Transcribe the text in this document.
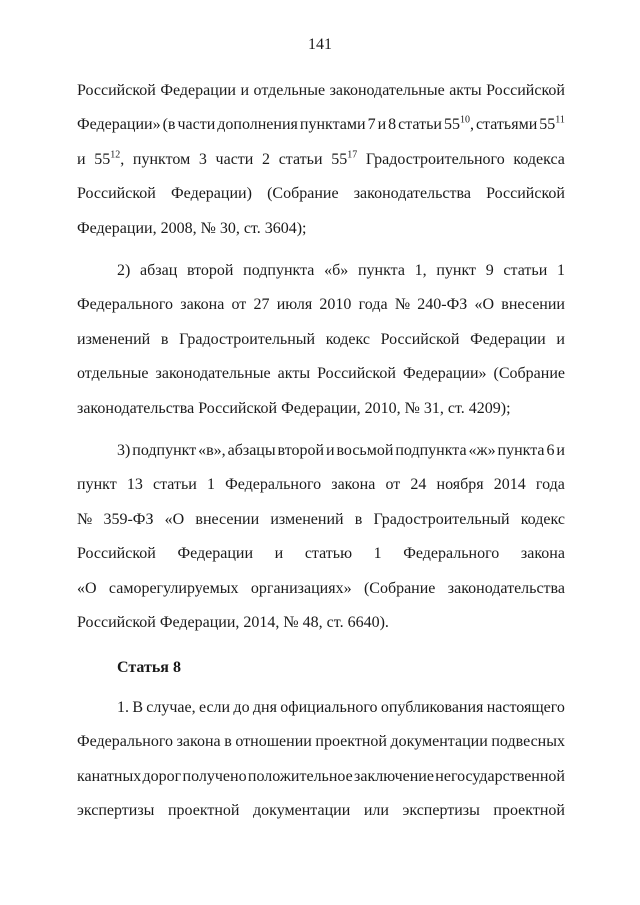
141
Российской Федерации и отдельные законодательные акты Российской
Федерации» (в части дополнения пунктами 7 и 8 статьи $55^{10}$, статьями $55^{11}$
и $55^{12}$, пунктом 3 части 2 статьи $55^{17}$ Градостроительного кодекса
Российской Федерации) (Собрание законодательства Российской
Федерации, 2008, № 30, ст. 3604);
2) абзац второй подпункта «б» пункта 1, пункт 9 статьи 1
Федерального закона от 27 июля 2010 года № 240-ФЗ «О внесении
изменений в Градостроительный кодекс Российской Федерации и
отдельные законодательные акты Российской Федерации» (Собрание
законодательства Российской Федерации, 2010, № 31, ст. 4209);
3) подпункт «в», абзацы второй и восьмой подпункта «ж» пункта 6 и
пункт 13 статьи 1 Федерального закона от 24 ноября 2014 года
№ 359-ФЗ «О внесении изменений в Градостроительный кодекс
Российской Федерации и статью 1 Федерального закона
«О саморегулируемых организациях» (Собрание законодательства
Российской Федерации, 2014, № 48, ст. 6640).
Статья 8
1. В случае, если до дня официального опубликования настоящего
Федерального закона в отношении проектной документации подвесных
канатных дорог получено положительное заключение негосударственной
экспертизы проектной документации или экспертизы проектной
